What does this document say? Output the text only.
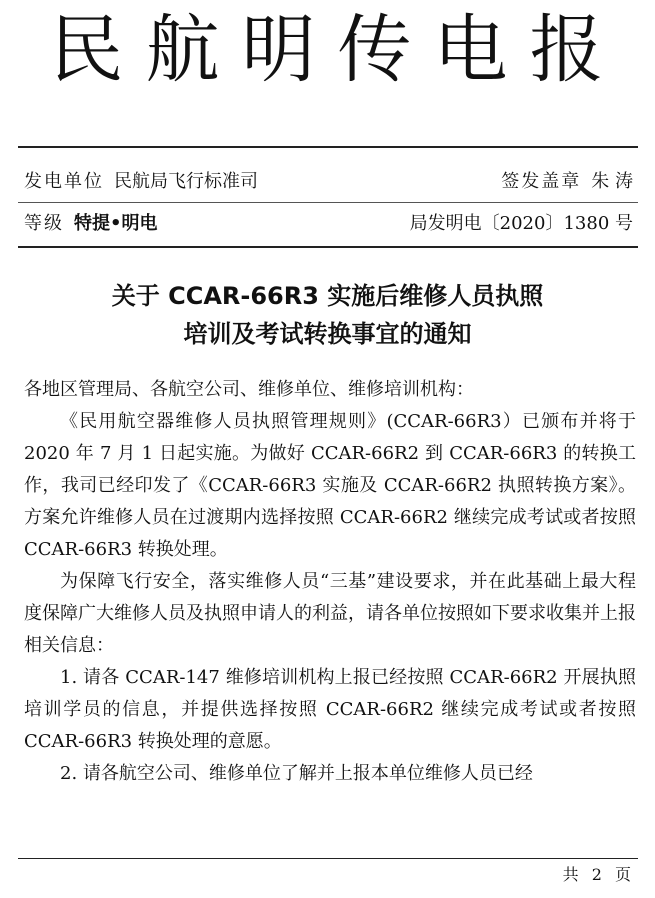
民航明传电报
发电单位 民航局飞行标准司	签发盖章 朱 涛
等级 特提•明电	局发明电〔2020〕1380 号
关于 CCAR-66R3 实施后维修人员执照
培训及考试转换事宜的通知

各地区管理局、各航空公司、维修单位、维修培训机构：

《民用航空器维修人员执照管理规则》(CCAR-66R3）已颁布并将于 2020 年 7 月 1 日起实施。为做好 CCAR-66R2 到 CCAR-66R3 的转换工作，我司已经印发了《CCAR-66R3 实施及 CCAR-66R2 执照转换方案》。方案允许维修人员在过渡期内选择按照 CCAR-66R2 继续完成考试或者按照 CCAR-66R3 转换处理。

为保障飞行安全，落实维修人员“三基”建设要求，并在此基础上最大程度保障广大维修人员及执照申请人的利益，请各单位按照如下要求收集并上报相关信息：

1. 请各 CCAR-147 维修培训机构上报已经按照 CCAR-66R2 开展执照培训学员的信息，并提供选择按照 CCAR-66R2 继续完成考试或者按照 CCAR-66R3 转换处理的意愿。

2. 请各航空公司、维修单位了解并上报本单位维修人员已经

共 2 页
